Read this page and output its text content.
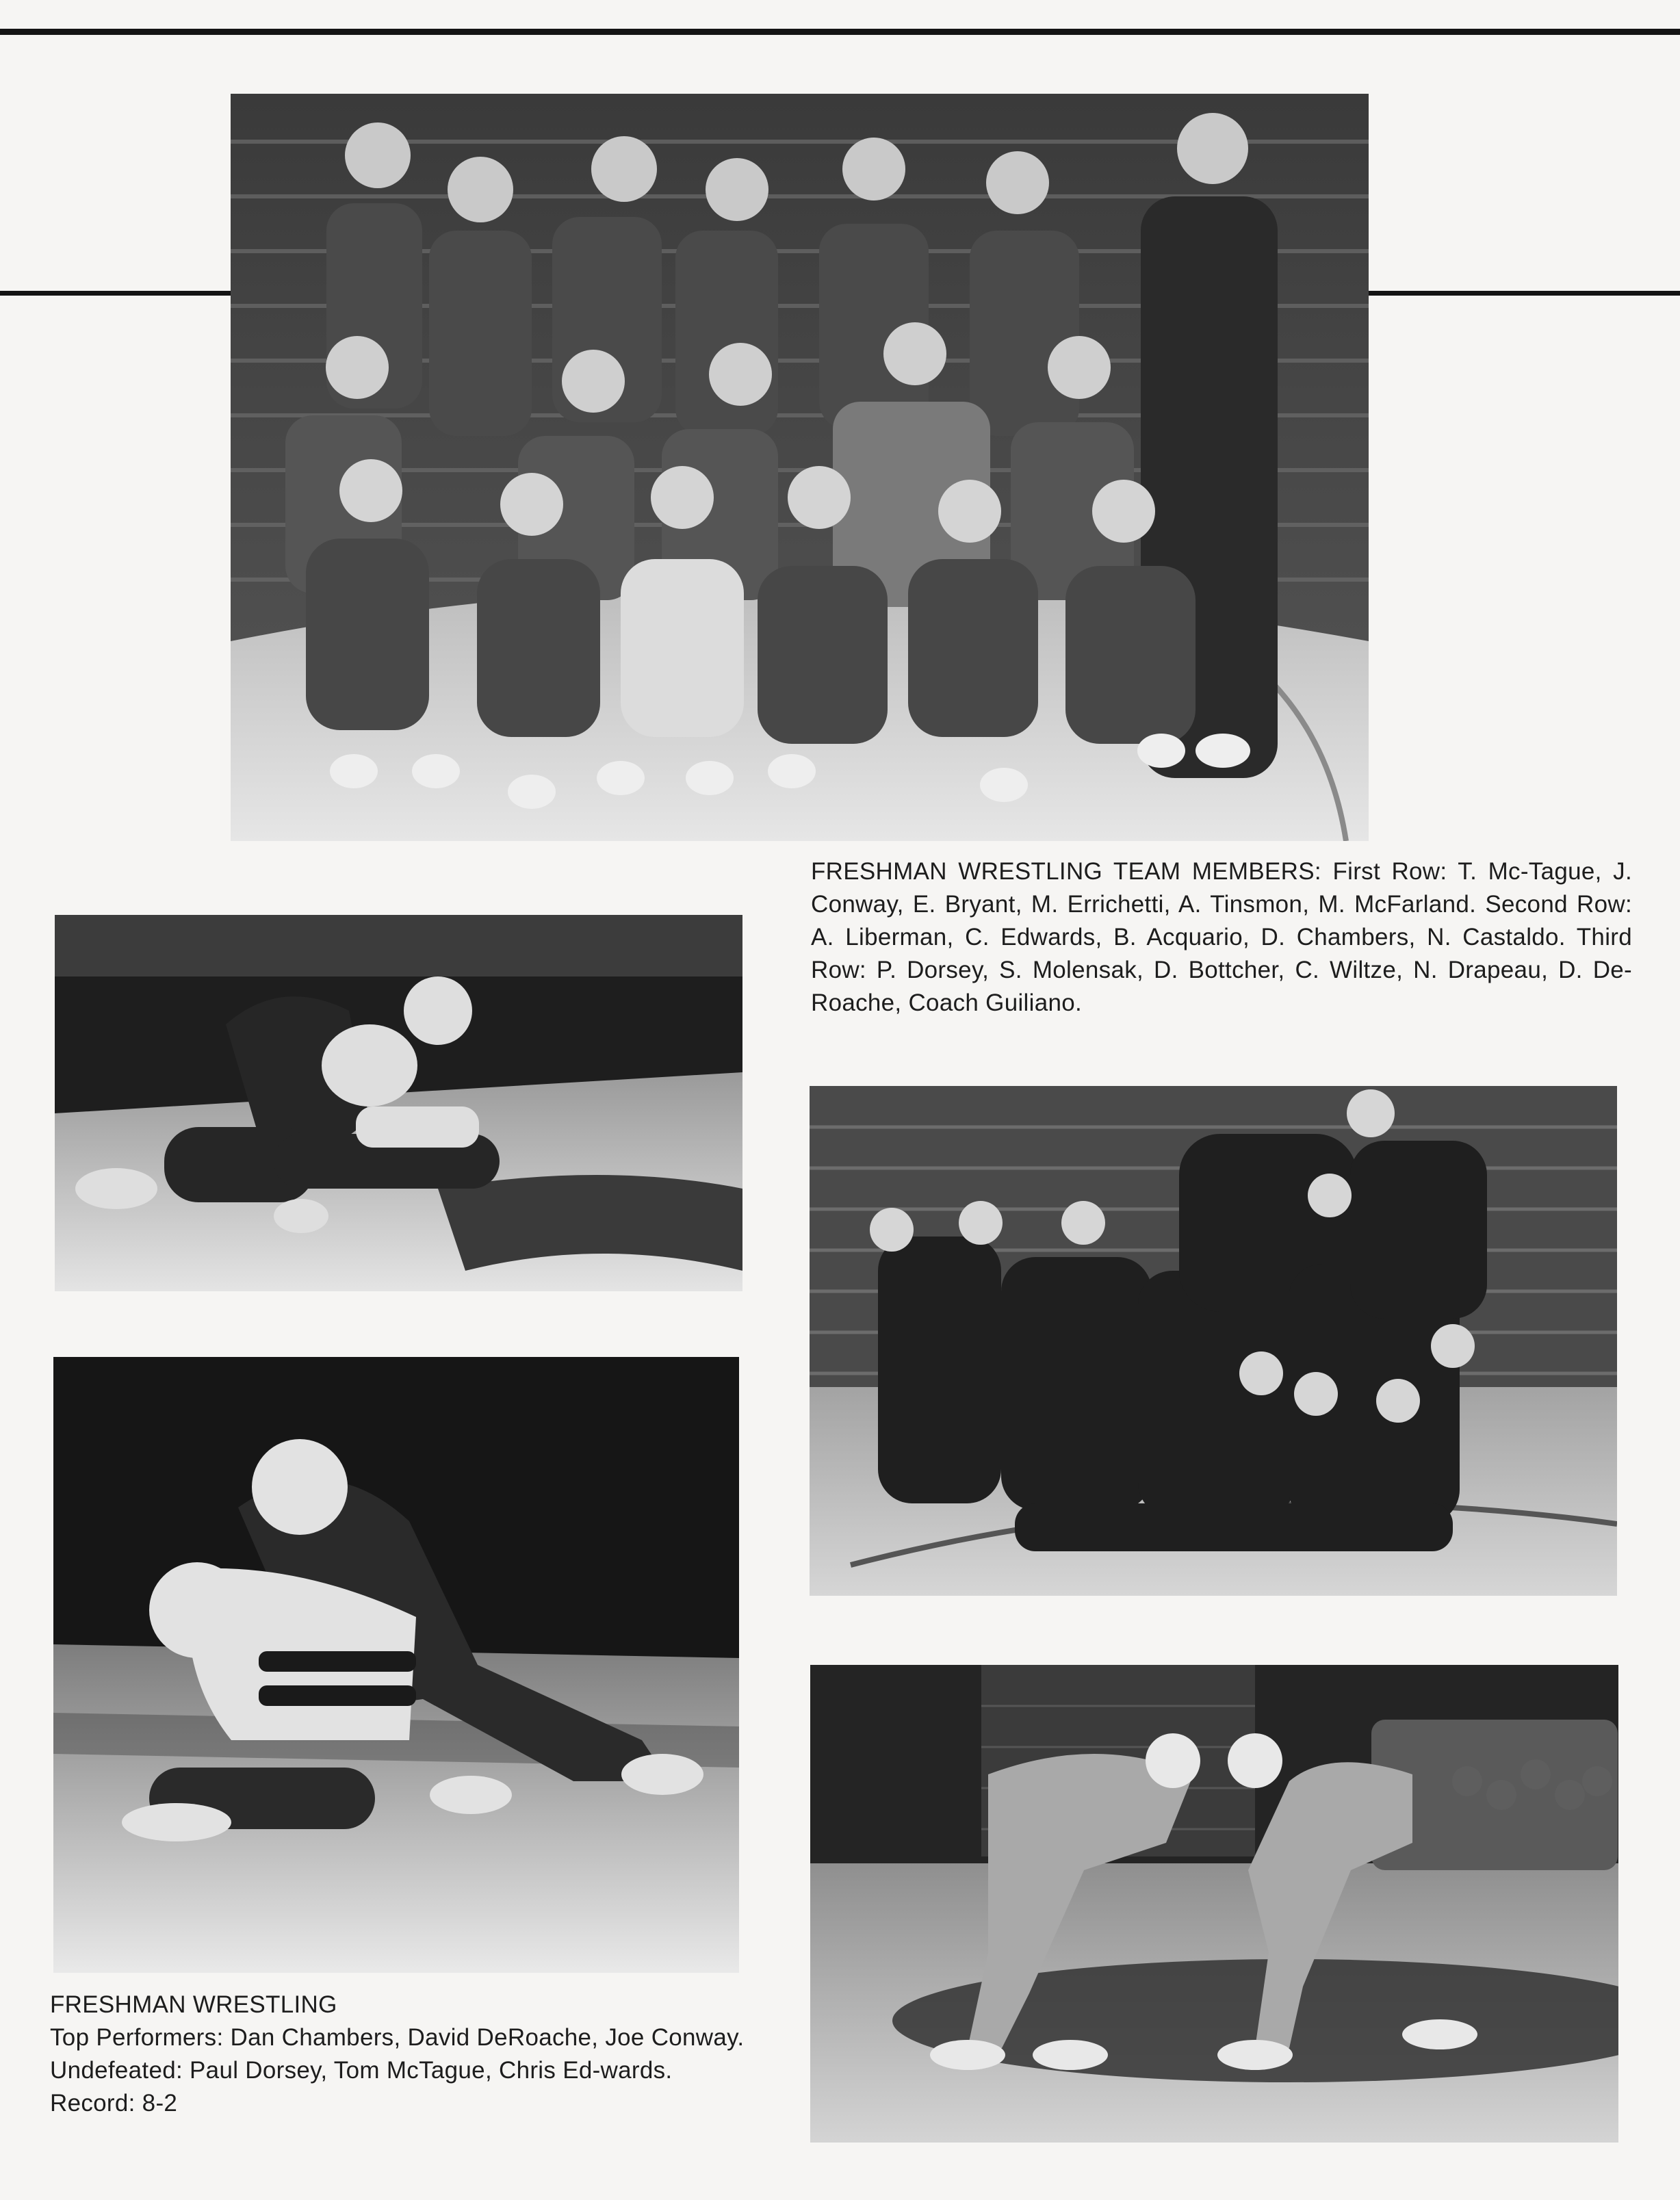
FRESHMAN WRESTLING TEAM MEMBERS: First Row: T. Mc-Tague, J. Conway, E. Bryant, M. Errichetti, A. Tinsmon, M. McFarland. Second Row: A. Liberman, C. Edwards, B. Acquario, D. Chambers, N. Castaldo. Third Row: P. Dorsey, S. Molensak, D. Bottcher, C. Wiltze, N. Drapeau, D. De-Roache, Coach Guiliano.

FRESHMAN WRESTLING

Top Performers: Dan Chambers, David DeRoache, Joe Conway.

Undefeated: Paul Dorsey, Tom McTague, Chris Ed-wards.  Record: 8-2
